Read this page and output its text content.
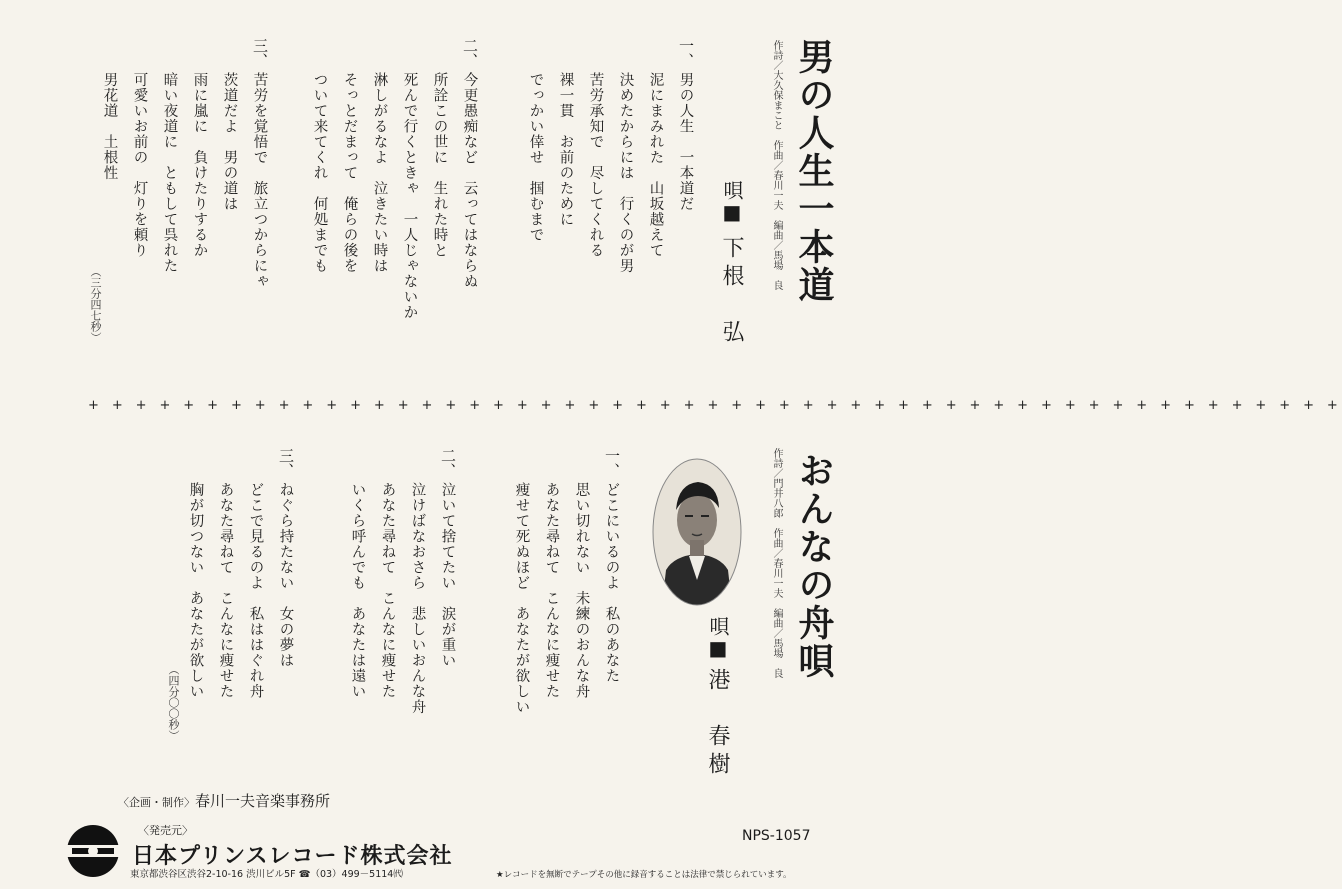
男の人生一本道
作詩／大久保まこと　作曲／春川一夫　編曲／馬場　良
唄■
下根　弘
一、
男の人生　一本道だ
泥にまみれた　山坂越えて
決めたからには　行くのが男
苦労承知で　尽してくれる
裸一貫　お前のために
でっかい倖せ　掴むまで
二、
今更愚痴など　云ってはならぬ
所詮この世に　生れた時と
死んで行くときゃ　一人じゃないか
淋しがるなよ　泣きたい時は
そっとだまって　俺らの後を
ついて来てくれ　何処までも
三、
苦労を覚悟で　旅立つからにゃ
茨道だよ　男の道は
雨に嵐に　負けたりするか
暗い夜道に　ともして呉れた
可愛いお前の　灯りを頼り
男花道　土根性
（三分四七秒）
+ + + + + + + + + + + + + + + + + + + + + + + + + + + + + + + + + + + + + + + + + + + + + + + + + + + + +
おんなの舟唄
作詩／門井八郎　作曲／春川一夫　編曲／馬場　良
唄■
港　春樹
一、
どこにいるのよ　私のあなた
思い切れない　未練のおんな舟
あなた尋ねて　こんなに痩せた
痩せて死ぬほど　あなたが欲しい
二、
泣いて捨てたい　涙が重い
泣けばなおさら　悲しいおんな舟
あなた尋ねて　こんなに痩せた
いくら呼んでも　あなたは遠い
三、
ねぐら持たない　女の夢は
どこで見るのよ　私ははぐれ舟
あなた尋ねて　こんなに痩せた
胸が切つない　あなたが欲しい
（四分〇〇秒）
〈企画・制作〉春川一夫音楽事務所
〈発売元〉
日本プリンスレコード株式会社
東京都渋谷区渋谷2-10-16 渋川ビル5F ☎（03）499－5114㈹
NPS-1057
★レコードを無断でテープその他に録音することは法律で禁じられています。
